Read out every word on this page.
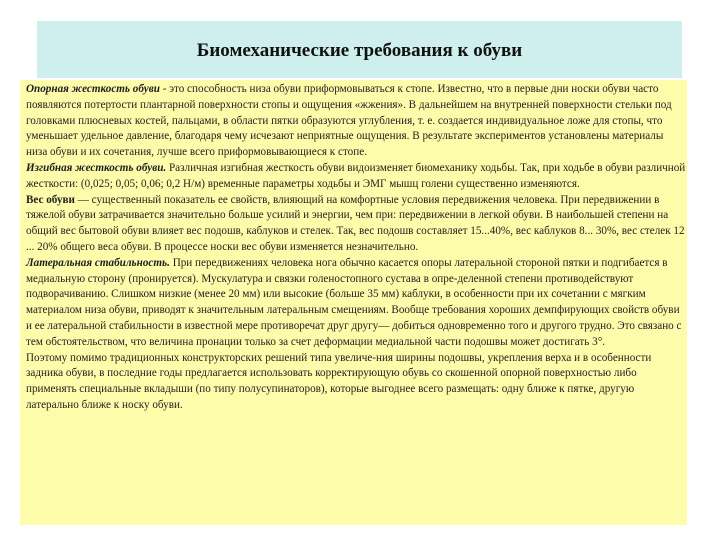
Биомеханические требования к обуви

Опорная жесткость обуви - это способность низа обуви приформовываться к стопе. Известно, что в первые дни носки обуви часто появляются потертости плантарной поверхности стопы и ощущения «жжения». В дальнейшем на внутренней поверхности стельки под головками плюсневых костей, пальцами, в области пятки образуются углубления, т. е. создается индивидуальное ложе для стопы, что уменьшает удельное давление, благодаря чему исчезают неприятные ощущения. В результате экспериментов установлены материалы низа обуви и их сочетания, лучше всего приформовывающиеся к стопе.

Изгибная жесткость обуви. Различная изгибная жесткость обуви видоизменяет биомеханику ходьбы. Так, при ходьбе в обуви различной жесткости: (0,025; 0,05; 0,06; 0,2 Н/м) временные параметры ходьбы и ЭМГ мышц голени существенно изменяются.

Вес обуви — существенный показатель ее свойств, влияющий на комфортные условия передвижения человека. При передвижении в тяжелой обуви затрачивается значительно больше усилий и энергии, чем при: передвижении в легкой обуви. В наибольшей степени на общий вес бытовой обуви влияет вес подошв, каблуков и стелек. Так, вес подошв составляет 15...40%, вес каблуков 8... 30%, вес стелек 12 ... 20% общего веса обуви. В процессе носки вес обуви изменяется незначительно.

Латеральная стабильность. При передвижениях человека нога обычно касается опоры латеральной стороной пятки и подгибается в медиальную сторону (пронируется). Мускулатура и связки голеностопного сустава в опре-деленной степени противодействуют подворачиванию. Слишком низкие (менее 20 мм) или высокие (больше 35 мм) каблуки, в особенности при их сочетании с мягким материалом низа обуви, приводят к значительным латеральным смещениям. Вообще требования хороших демпфирующих свойств обуви и ее латеральной стабильности в известной мере противоречат друг другу— добиться одновременно того и другого трудно. Это связано с тем обстоятельством, что величина пронации только за счет деформации медиальной части подошвы может достигать 3°.

Поэтому помимо традиционных конструкторских решений типа увеличе-ния ширины подошвы, укрепления верха и в особенности задника обуви, в последние годы предлагается использовать корректирующую обувь со скошенной опорной поверхностью либо применять специальные вкладыши (по типу полусупинаторов), которые выгоднее всего размещать: одну ближе к пятке, другую латерально ближе к носку обуви.
